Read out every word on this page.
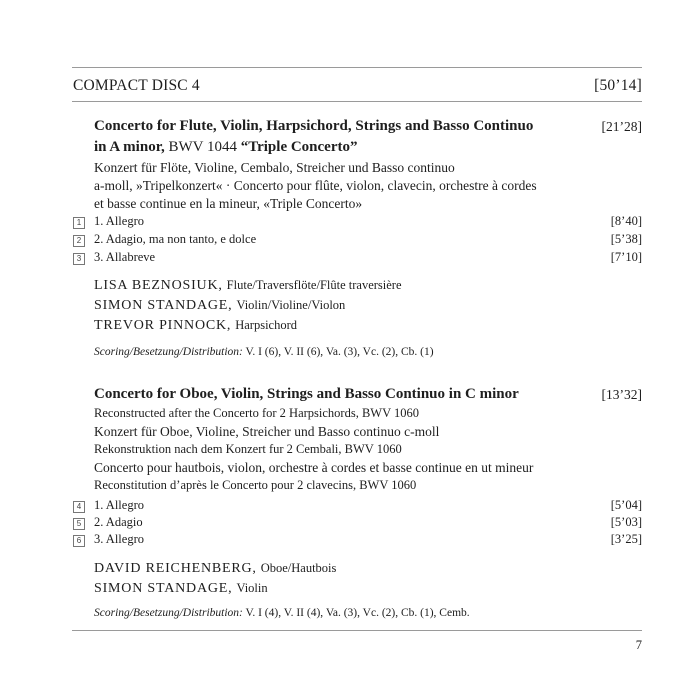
COMPACT DISC 4	[50’14]
Concerto for Flute, Violin, Harpsichord, Strings and Basso Continuo	[21’28]
in A minor, BWV 1044 “Triple Concerto”
Konzert für Flöte, Violine, Cembalo, Streicher und Basso continuo
a-moll, »Tripelkonzert« · Concerto pour flûte, violon, clavecin, orchestre à cordes
et basse continue en la mineur, «Triple Concerto»
1	1. Allegro	[8’40]
2	2. Adagio, ma non tanto, e dolce	[5’38]
3	3. Allabreve	[7’10]
LISA BEZNOSIUK, Flute/Traversflöte/Flûte traversière
SIMON STANDAGE, Violin/Violine/Violon
TREVOR PINNOCK, Harpsichord
Scoring/Besetzung/Distribution: V. I (6), V. II (6), Va. (3), Vc. (2), Cb. (1)
Concerto for Oboe, Violin, Strings and Basso Continuo in C minor	[13’32]
Reconstructed after the Concerto for 2 Harpsichords, BWV 1060
Konzert für Oboe, Violine, Streicher und Basso continuo c-moll
Rekonstruktion nach dem Konzert fur 2 Cembali, BWV 1060
Concerto pour hautbois, violon, orchestre à cordes et basse continue en ut mineur
Reconstitution d’après le Concerto pour 2 clavecins, BWV 1060
4	1. Allegro	[5’04]
5	2. Adagio	[5’03]
6	3. Allegro	[3’25]
DAVID REICHENBERG, Oboe/Hautbois
SIMON STANDAGE, Violin
Scoring/Besetzung/Distribution: V. I (4), V. II (4), Va. (3), Vc. (2), Cb. (1), Cemb.
7
